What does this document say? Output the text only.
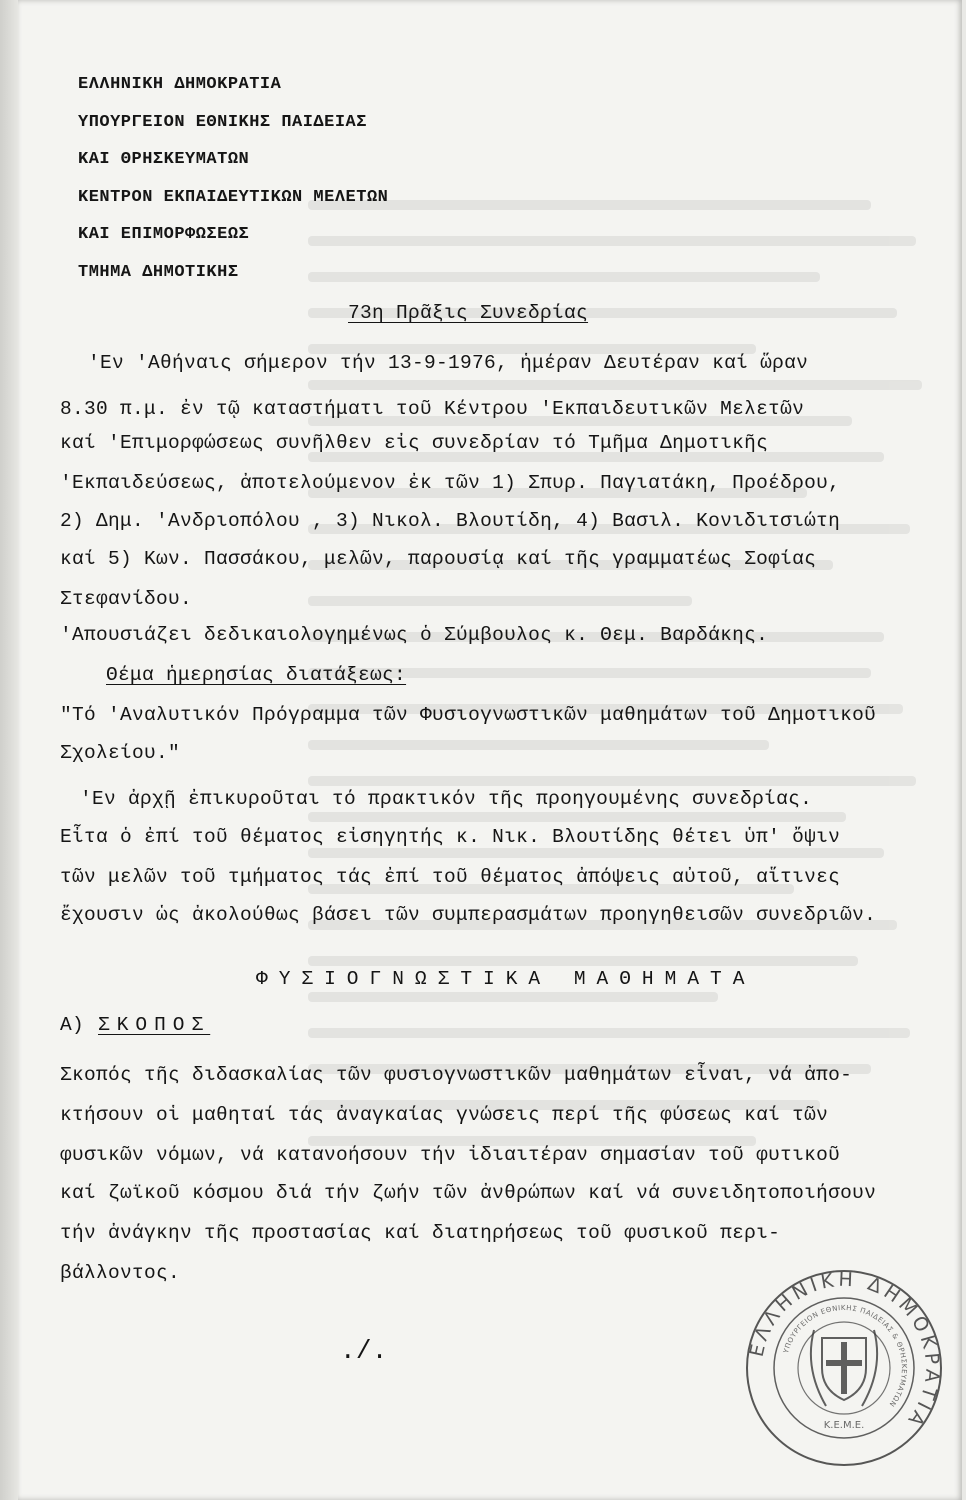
ΕΛΛΗΝΙΚΗ ΔΗΜΟΚΡΑΤΙΑ
ΥΠΟΥΡΓΕΙΟΝ ΕΘΝΙΚΗΣ ΠΑΙΔΕΙΑΣ
ΚΑΙ ΘΡΗΣΚΕΥΜΑΤΩΝ
ΚΕΝΤΡΟΝ ΕΚΠΑΙΔΕΥΤΙΚΩΝ ΜΕΛΕΤΩΝ
ΚΑΙ ΕΠΙΜΟΡΦΩΣΕΩΣ
ΤΜΗΜΑ ΔΗΜΟΤΙΚΗΣ
73η Πρᾶξις Συνεδρίας
'Εν 'Αθήναις σήμερον τήν 13-9-1976, ἡμέραν Δευτέραν καί ὥραν
8.30 π.μ. ἐν τῷ καταστήματι τοῦ Κέντρου 'Εκπαιδευτικῶν Μελετῶν
καί 'Επιμορφώσεως συνῆλθεν εἰς συνεδρίαν τό Τμῆμα Δημοτικῆς
'Εκπαιδεύσεως, ἀποτελούμενον ἐκ τῶν 1) Σπυρ. Παγιατάκη, Προέδρου,
2) Δημ. 'Ανδριοπόλου , 3) Νικολ. Βλουτίδη, 4) Βασιλ. Κονιδιτσιώτη
καί 5) Κων. Πασσάκου, μελῶν, παρουσίᾳ καί τῆς γραμματέως Σοφίας
Στεφανίδου.
'Απουσιάζει δεδικαιολογημένως ὁ Σύμβουλος κ. Θεμ. Βαρδάκης.
Θέμα ἡμερησίας διατάξεως:
"Τό 'Αναλυτικόν Πρόγραμμα τῶν Φυσιογνωστικῶν μαθημάτων τοῦ Δημοτικοῦ
Σχολείου."
'Εν ἀρχῇ ἐπικυροῦται τό πρακτικόν τῆς προηγουμένης συνεδρίας.
Εἶτα ὁ ἐπί τοῦ θέματος εἰσηγητής κ. Νικ. Βλουτίδης θέτει ὑπ' ὄψιν
τῶν μελῶν τοῦ τμήματος τάς ἐπί τοῦ θέματος ἀπόψεις αὐτοῦ, αἵτινες
ἔχουσιν ὡς ἀκολούθως βάσει τῶν συμπερασμάτων προηγηθεισῶν συνεδριῶν.
ΦΥΣΙΟΓΝΩΣΤΙΚΑ ΜΑΘΗΜΑΤΑ
Α) ΣΚΟΠΟΣ
Σκοπός τῆς διδασκαλίας τῶν φυσιογνωστικῶν μαθημάτων εἶναι, νά ἀπο-
κτήσουν οἱ μαθηταί τάς ἀναγκαίας γνώσεις περί τῆς φύσεως καί τῶν
φυσικῶν νόμων, νά κατανοήσουν τήν ἰδιαιτέραν σημασίαν τοῦ φυτικοῦ
καί ζωϊκοῦ κόσμου διά τήν ζωήν τῶν ἀνθρώπων καί νά συνειδητοποιήσουν
τήν ἀνάγκην τῆς προστασίας καί διατηρήσεως τοῦ φυσικοῦ περι-
βάλλοντος.
./.	ΕΛΛΗΝΙΚΗ ΔΗΜΟΚΡΑΤΙΑ
ΥΠΟΥΡΓΕΙΟΝ ΕΘΝΙΚΗΣ ΠΑΙΔΕΙΑΣ & ΘΡΗΣΚΕΥΜΑΤΩΝ
Κ.Ε.Μ.Ε.
